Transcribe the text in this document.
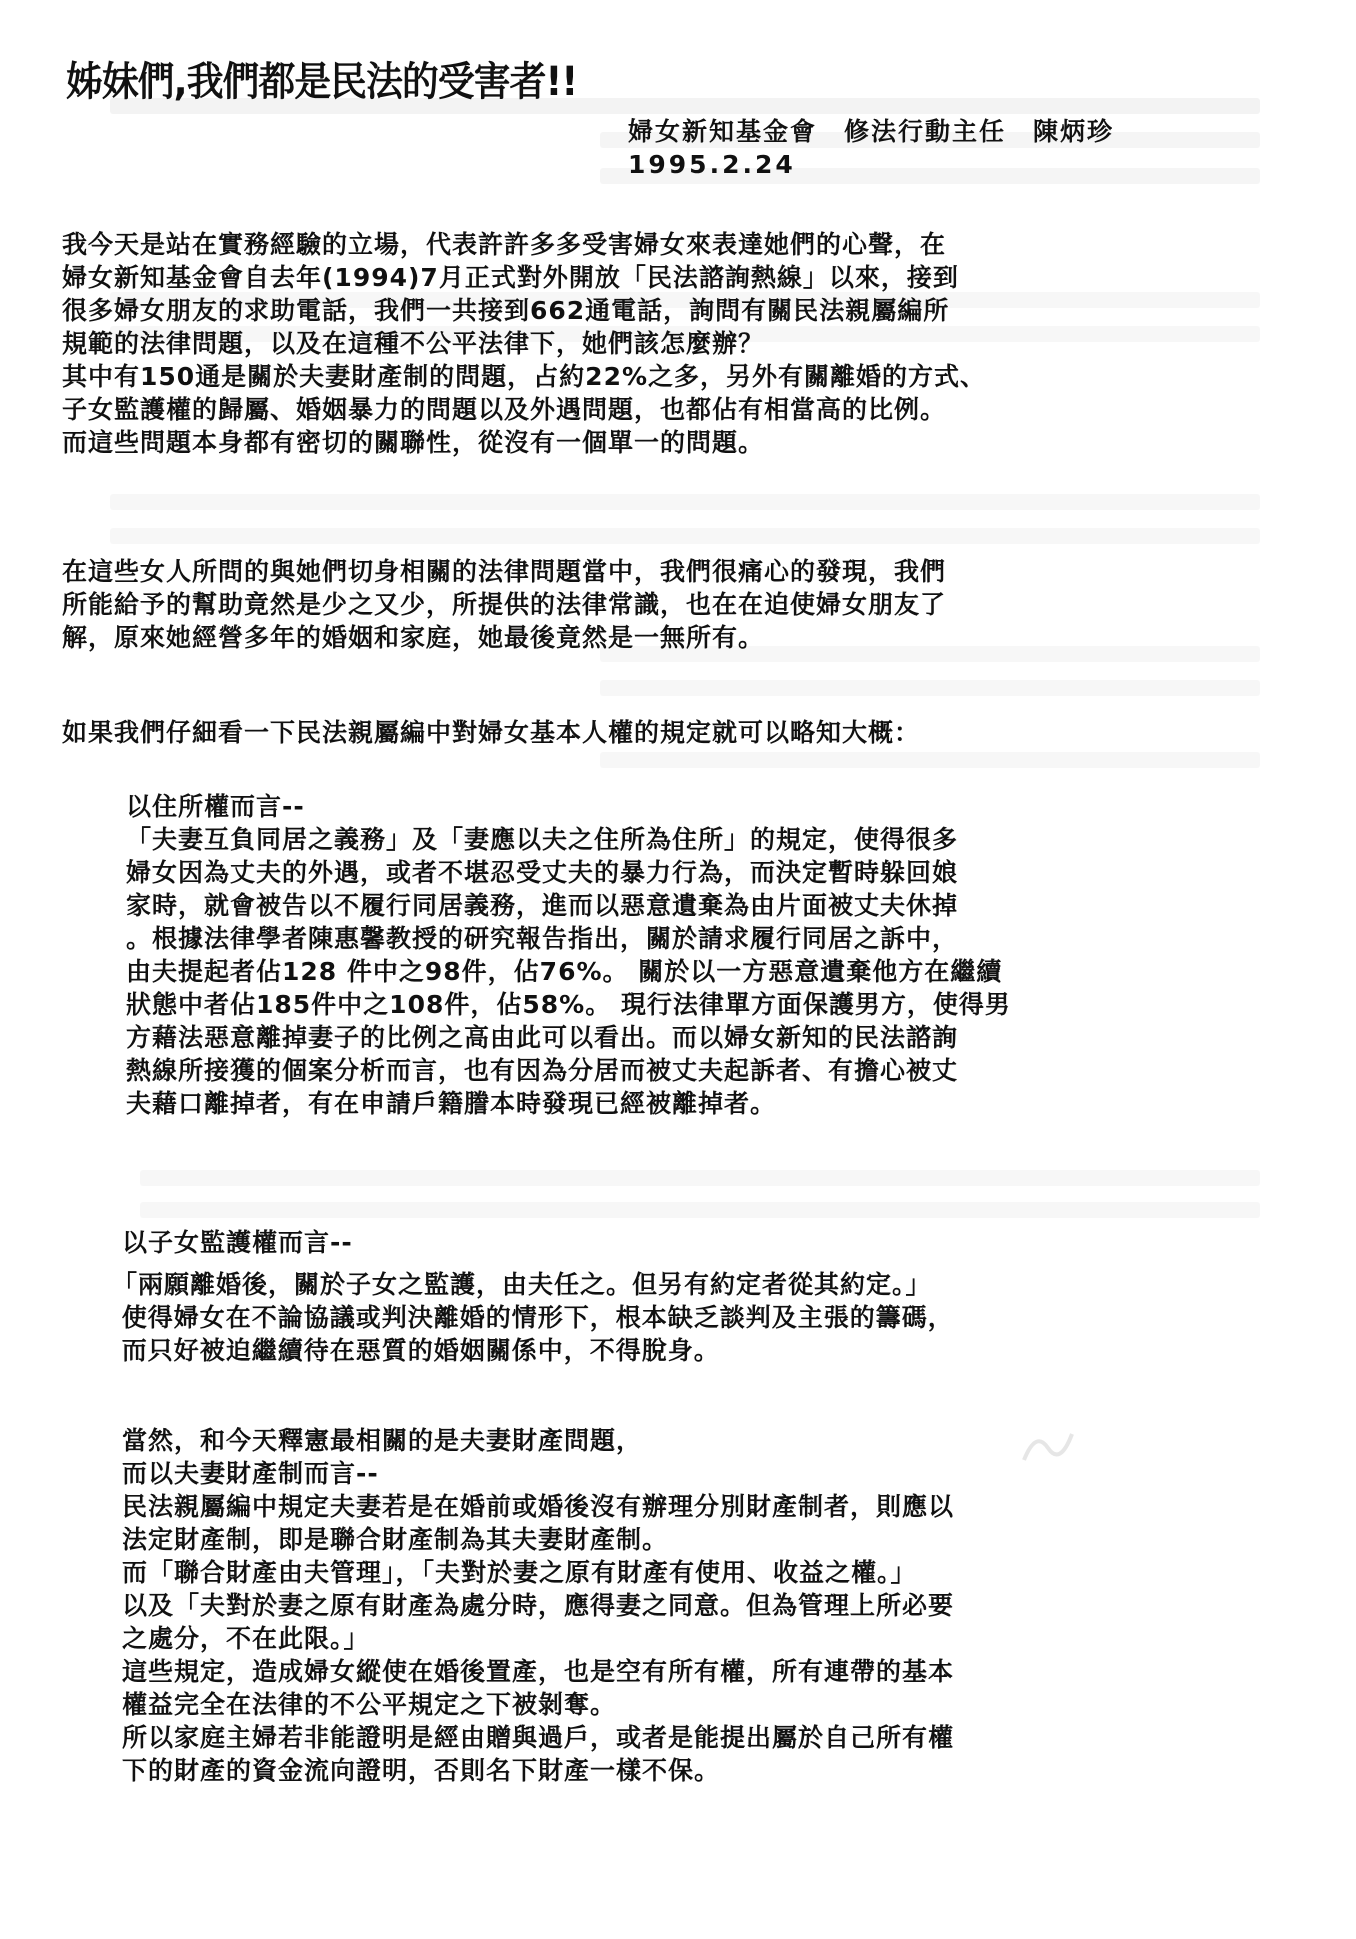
姊妹們,我們都是民法的受害者!!
婦女新知基金會　修法行動主任　陳炳珍
1995.2.24
我今天是站在實務經驗的立場，代表許許多多受害婦女來表達她們的心聲，在
婦女新知基金會自去年(1994)7月正式對外開放「民法諮詢熱線」以來，接到
很多婦女朋友的求助電話，我們一共接到662通電話，詢問有關民法親屬編所
規範的法律問題，以及在這種不公平法律下，她們該怎麼辦？
其中有150通是關於夫妻財產制的問題，占約22%之多，另外有關離婚的方式、
子女監護權的歸屬、婚姻暴力的問題以及外遇問題，也都佔有相當高的比例。
而這些問題本身都有密切的關聯性，從沒有一個單一的問題。
在這些女人所問的與她們切身相關的法律問題當中，我們很痛心的發現，我們
所能給予的幫助竟然是少之又少，所提供的法律常識，也在在迫使婦女朋友了
解，原來她經營多年的婚姻和家庭，她最後竟然是一無所有。
如果我們仔細看一下民法親屬編中對婦女基本人權的規定就可以略知大概：
以住所權而言--
「夫妻互負同居之義務」及「妻應以夫之住所為住所」的規定，使得很多
婦女因為丈夫的外遇，或者不堪忍受丈夫的暴力行為，而決定暫時躲回娘
家時，就會被告以不履行同居義務，進而以惡意遺棄為由片面被丈夫休掉
。根據法律學者陳惠馨教授的研究報告指出，關於請求履行同居之訴中，
由夫提起者佔128 件中之98件，佔76%。 關於以一方惡意遺棄他方在繼續
狀態中者佔185件中之108件，佔58%。 現行法律單方面保護男方，使得男
方藉法惡意離掉妻子的比例之高由此可以看出。而以婦女新知的民法諮詢
熱線所接獲的個案分析而言，也有因為分居而被丈夫起訴者、有擔心被丈
夫藉口離掉者，有在申請戶籍謄本時發現已經被離掉者。
以子女監護權而言--
「兩願離婚後，關於子女之監護，由夫任之。但另有約定者從其約定。」
使得婦女在不論協議或判決離婚的情形下，根本缺乏談判及主張的籌碼，
而只好被迫繼續待在惡質的婚姻關係中，不得脫身。
當然，和今天釋憲最相關的是夫妻財產問題，
而以夫妻財產制而言--
民法親屬編中規定夫妻若是在婚前或婚後沒有辦理分別財產制者，則應以
法定財產制，即是聯合財產制為其夫妻財產制。
而「聯合財產由夫管理」，「夫對於妻之原有財產有使用、收益之權。」
以及「夫對於妻之原有財產為處分時，應得妻之同意。但為管理上所必要
之處分，不在此限。」
這些規定，造成婦女縱使在婚後置產，也是空有所有權，所有連帶的基本
權益完全在法律的不公平規定之下被剝奪。
所以家庭主婦若非能證明是經由贈與過戶，或者是能提出屬於自己所有權
下的財產的資金流向證明，否則名下財產一樣不保。
